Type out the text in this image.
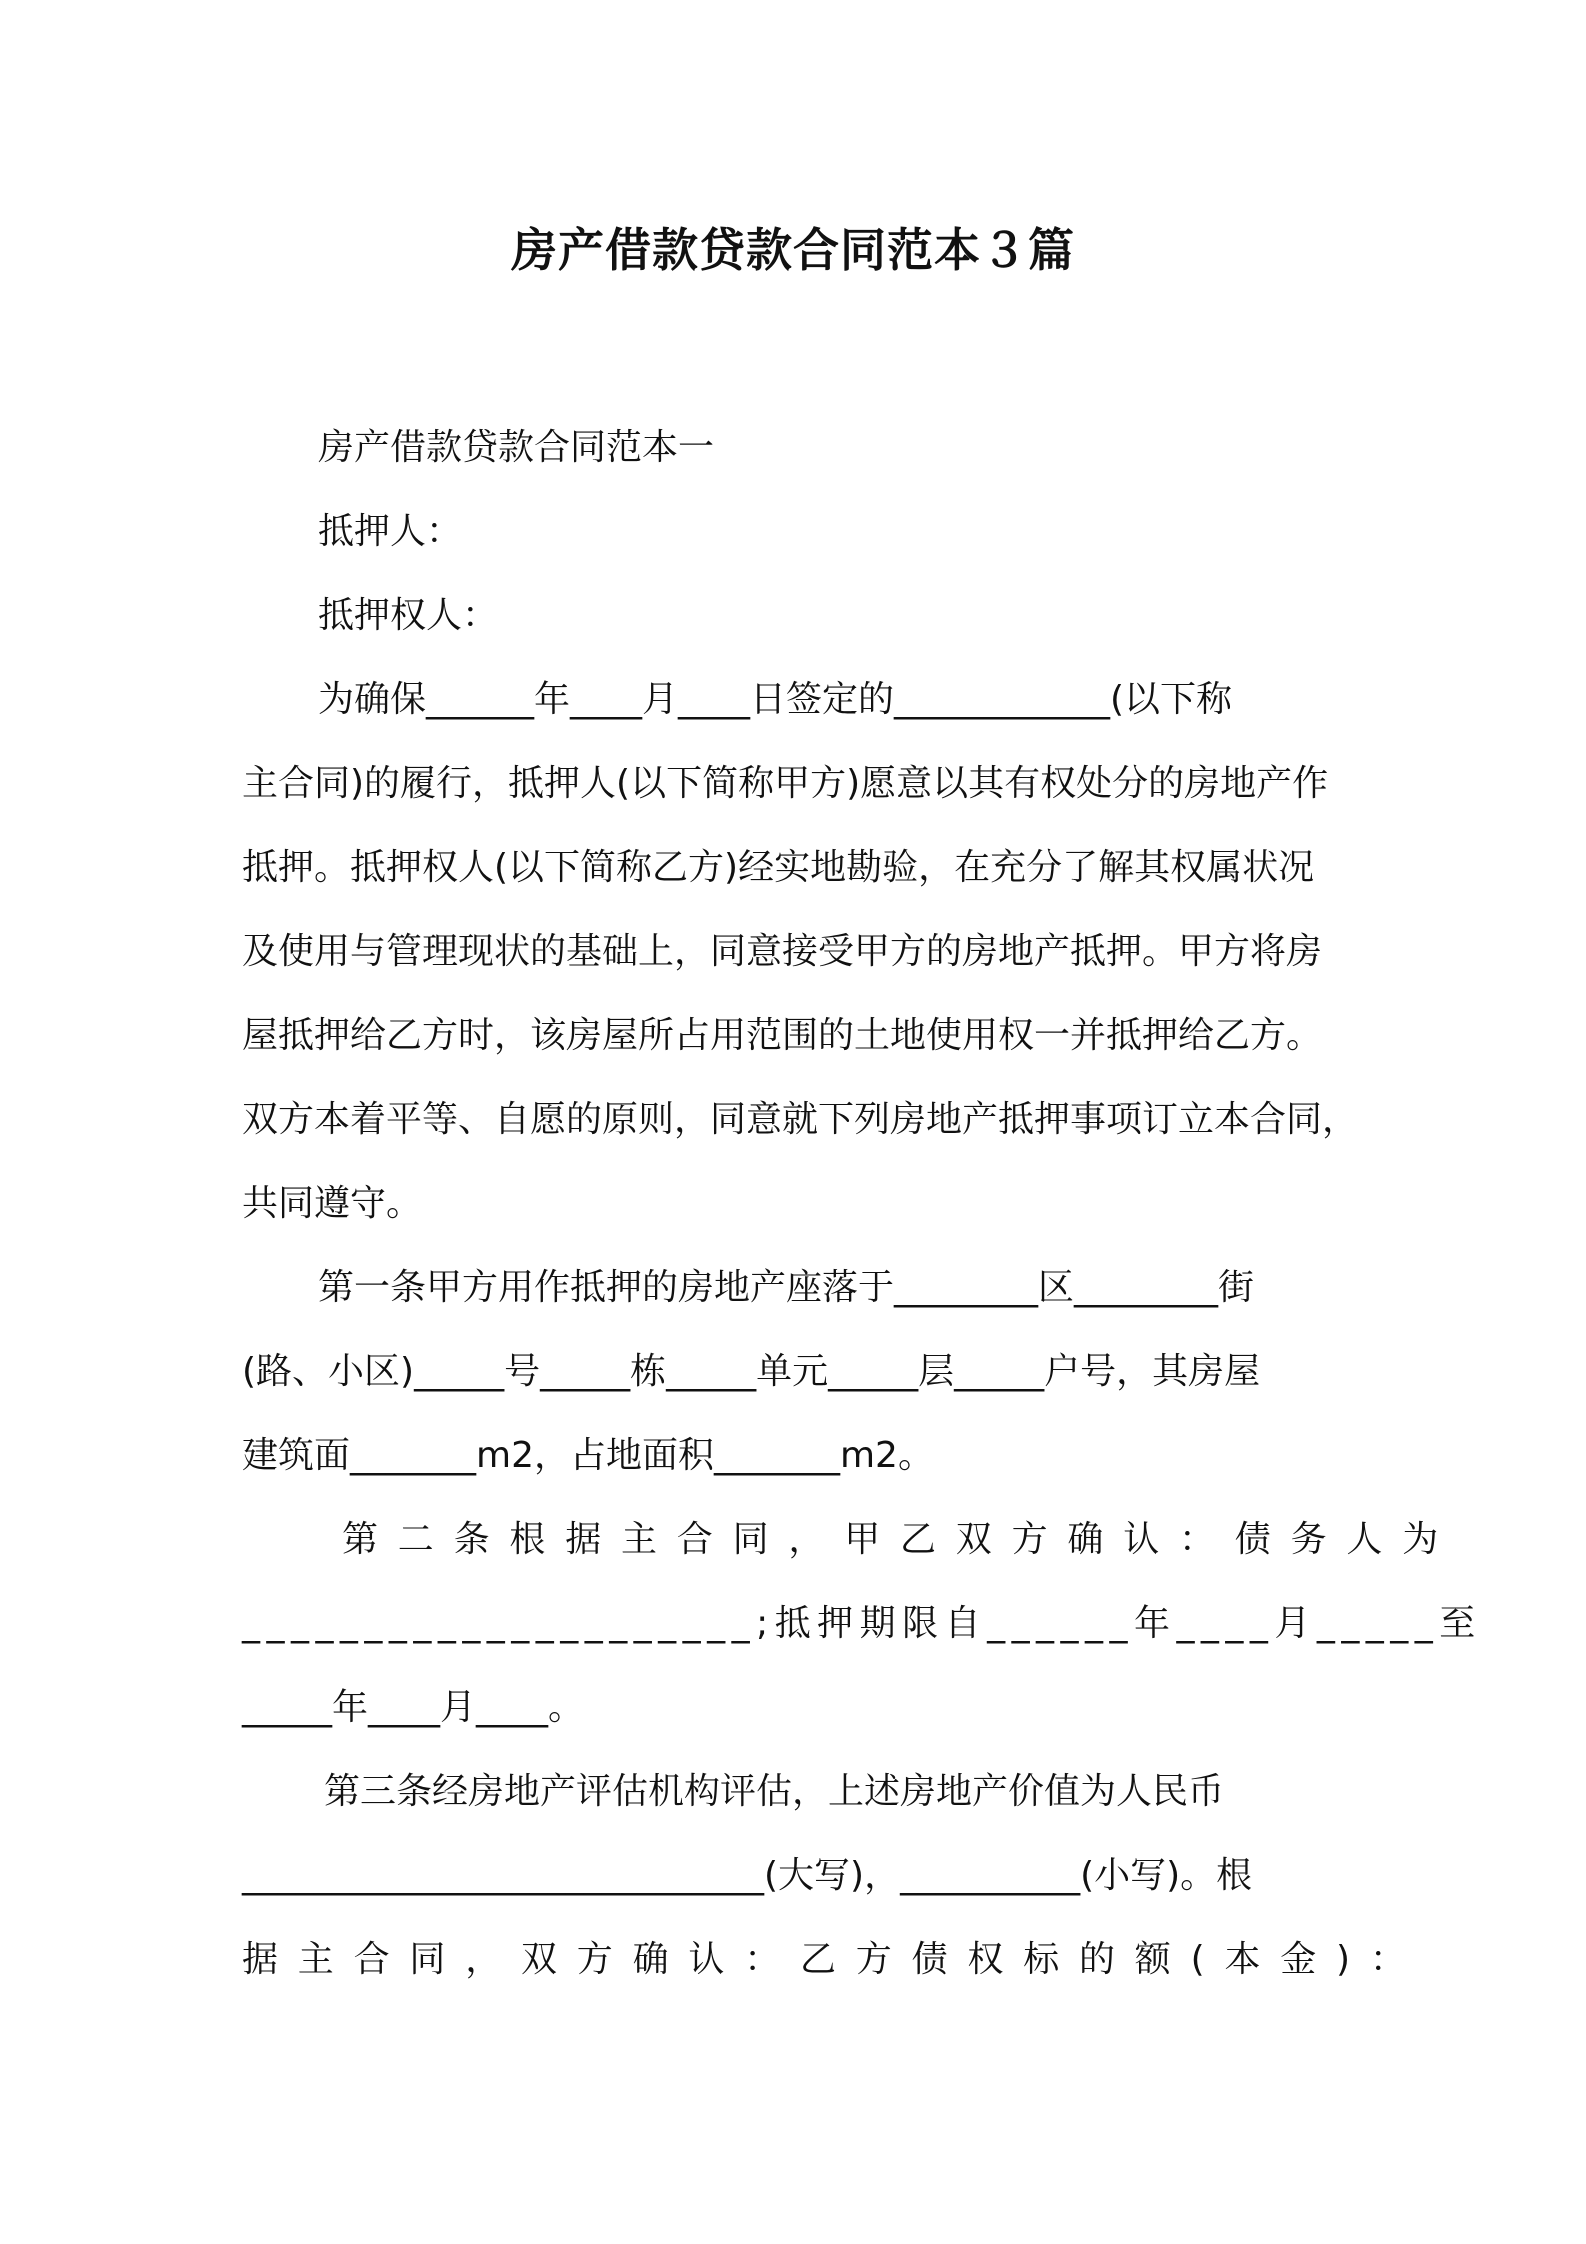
房产借款贷款合同范本３篇
房产借款贷款合同范本一
抵押人：
抵押权人：
为确保______年____月____日签定的____________(以下称
主合同)的履行，抵押人(以下简称甲方)愿意以其有权处分的房地产作
抵押。抵押权人(以下简称乙方)经实地勘验，在充分了解其权属状况
及使用与管理现状的基础上，同意接受甲方的房地产抵押。甲方将房
屋抵押给乙方时，该房屋所占用范围的土地使用权一并抵押给乙方。
双方本着平等、自愿的原则，同意就下列房地产抵押事项订立本合同，
共同遵守。
第一条甲方用作抵押的房地产座落于________区________街
(路、小区)_____号_____栋_____单元_____层_____户号，其房屋
建筑面_______m2，占地面积_______m2。
第二条根据主合同，甲乙双方确认：债务人为
_____________________;抵押期限自______年____月_____至
_____年____月____。
第三条经房地产评估机构评估，上述房地产价值为人民币
_____________________________(大写)，__________(小写)。根
据主合同，双方确认：乙方债权标的额(本金)：
